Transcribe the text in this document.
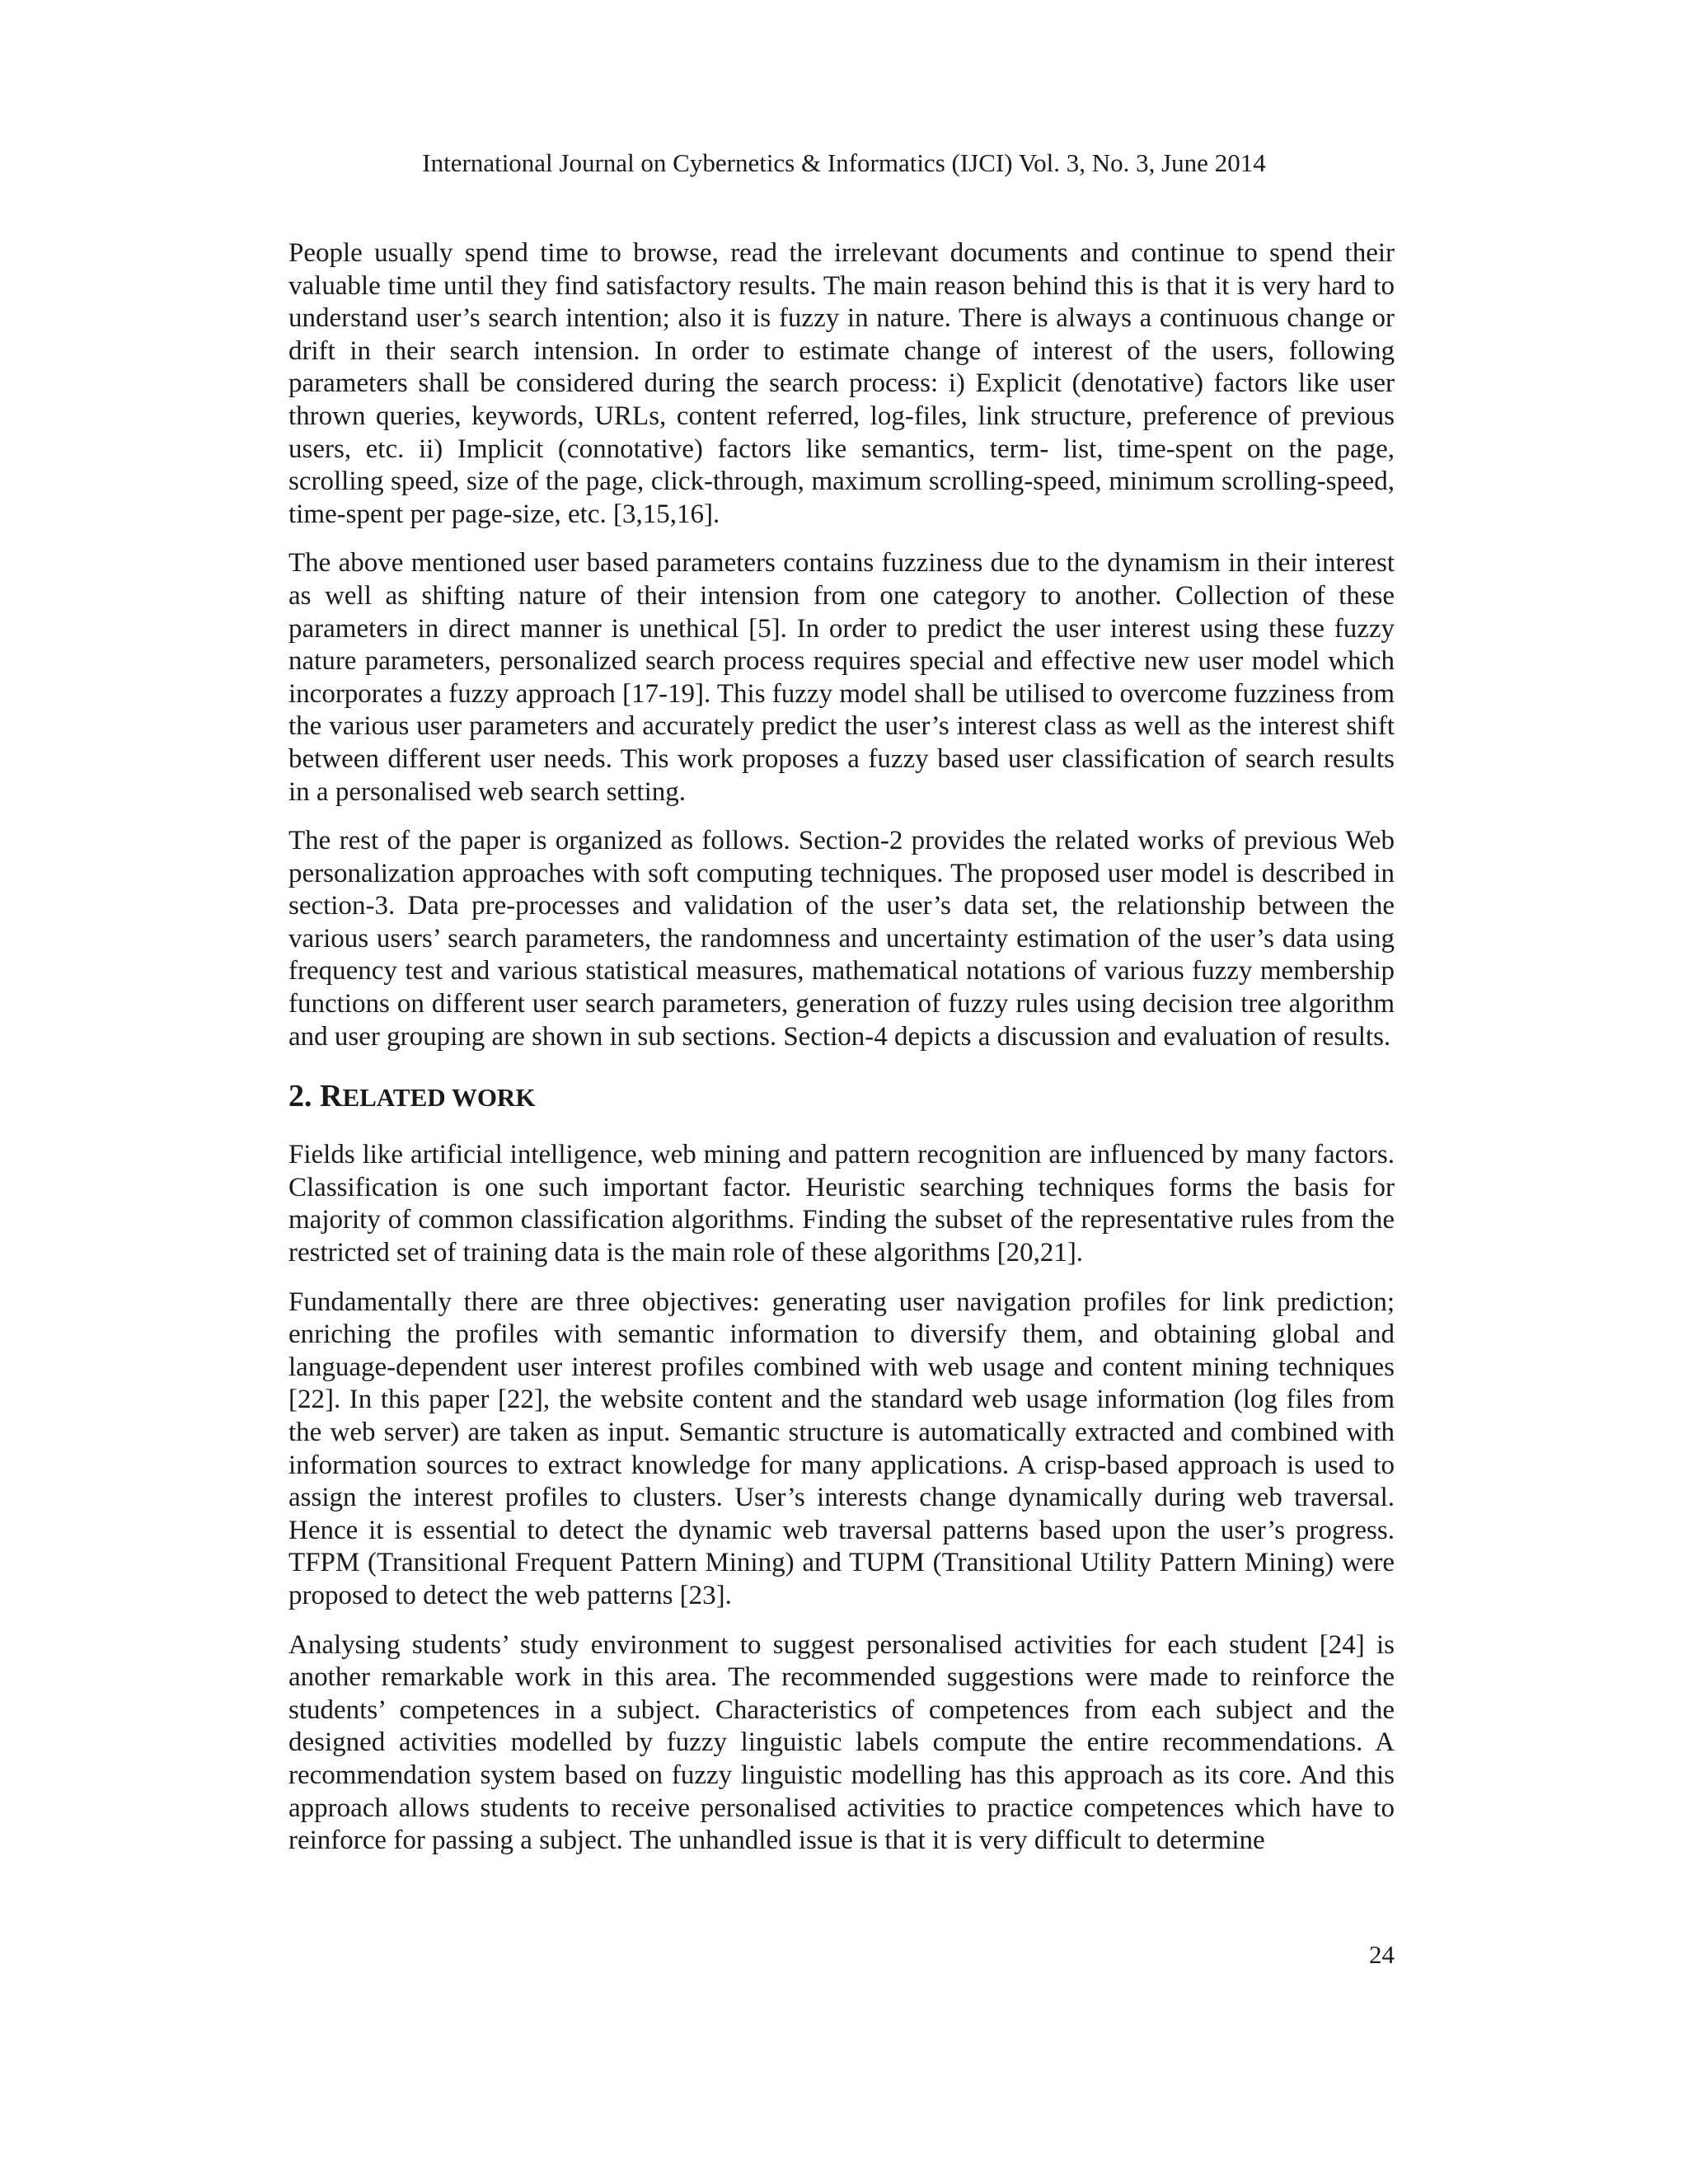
International Journal on Cybernetics & Informatics (IJCI) Vol. 3, No. 3, June 2014

People usually spend time to browse, read the irrelevant documents and continue to spend their valuable time until they find satisfactory results. The main reason behind this is that it is very hard to understand user’s search intention; also it is fuzzy in nature. There is always a continuous change or drift in their search intension. In order to estimate change of interest of the users, following parameters shall be considered during the search process: i) Explicit (denotative) factors like user thrown queries, keywords, URLs, content referred, log-files, link structure, preference of previous users, etc. ii) Implicit (connotative) factors like semantics, term- list, time-spent on the page, scrolling speed, size of the page, click-through, maximum scrolling-speed, minimum scrolling-speed, time-spent per page-size, etc. [3,15,16].

The above mentioned user based parameters contains fuzziness due to the dynamism in their interest as well as shifting nature of their intension from one category to another. Collection of these parameters in direct manner is unethical [5]. In order to predict the user interest using these fuzzy nature parameters, personalized search process requires special and effective new user model which incorporates a fuzzy approach [17-19]. This fuzzy model shall be utilised to overcome fuzziness from the various user parameters and accurately predict the user’s interest class as well as the interest shift between different user needs. This work proposes a fuzzy based user classification of search results in a personalised web search setting.

The rest of the paper is organized as follows. Section-2 provides the related works of previous Web personalization approaches with soft computing techniques. The proposed user model is described in section-3. Data pre-processes and validation of the user’s data set, the relationship between the various users’ search parameters, the randomness and uncertainty estimation of the user’s data using frequency test and various statistical measures, mathematical notations of various fuzzy membership functions on different user search parameters, generation of fuzzy rules using decision tree algorithm and user grouping are shown in sub sections. Section-4 depicts a discussion and evaluation of results.

2. RELATED WORK

Fields like artificial intelligence, web mining and pattern recognition are influenced by many factors. Classification is one such important factor. Heuristic searching techniques forms the basis for majority of common classification algorithms. Finding the subset of the representative rules from the restricted set of training data is the main role of these algorithms [20,21].

Fundamentally there are three objectives: generating user navigation profiles for link prediction; enriching the profiles with semantic information to diversify them, and obtaining global and language-dependent user interest profiles combined with web usage and content mining techniques [22]. In this paper [22], the website content and the standard web usage information (log files from the web server) are taken as input. Semantic structure is automatically extracted and combined with information sources to extract knowledge for many applications. A crisp-based approach is used to assign the interest profiles to clusters. User’s interests change dynamically during web traversal. Hence it is essential to detect the dynamic web traversal patterns based upon the user’s progress. TFPM (Transitional Frequent Pattern Mining) and TUPM (Transitional Utility Pattern Mining) were proposed to detect the web patterns [23].

Analysing students’ study environment to suggest personalised activities for each student [24] is another remarkable work in this area. The recommended suggestions were made to reinforce the students’ competences in a subject. Characteristics of competences from each subject and the designed activities modelled by fuzzy linguistic labels compute the entire recommendations. A recommendation system based on fuzzy linguistic modelling has this approach as its core. And this approach allows students to receive personalised activities to practice competences which have to reinforce for passing a subject. The unhandled issue is that it is very difficult to determine

24
